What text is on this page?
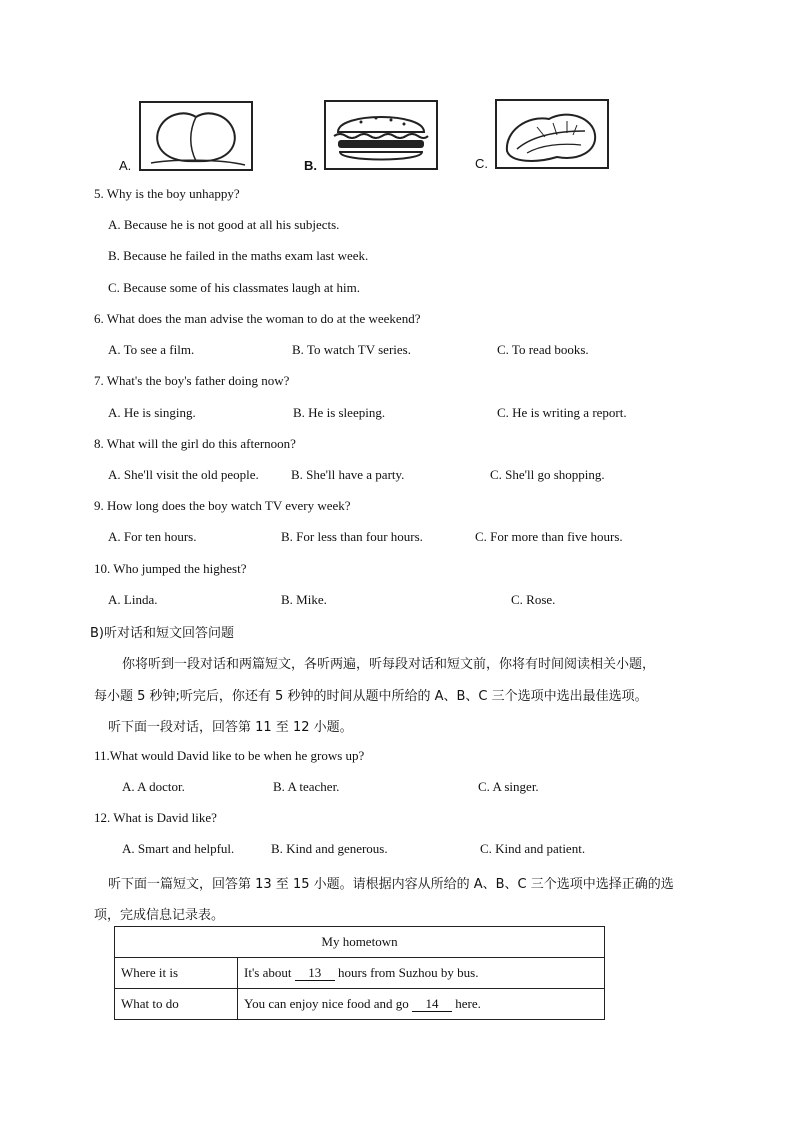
A.	B.	C.
5. Why is the boy unhappy?
A. Because he is not good at all his subjects.
B. Because he failed in the maths exam last week.
C. Because some of his classmates laugh at him.
6. What does the man advise the woman to do at the weekend?
A. To see a film.	B. To watch TV series.	C. To read books.
7. What's the boy's father doing now?
A. He is singing.	B. He is sleeping.	C. He is writing a report.
8. What will the girl do this afternoon?
A. She'll visit the old people. B. She'll have a party.	C. She'll go shopping.
9. How long does the boy watch TV every week?
A. For ten hours.	B. For less than four hours.	C. For more than five hours.
10. Who jumped the highest?
A. Linda.	B. Mike.	C. Rose.
B)听对话和短文回答问题
你将听到一段对话和两篇短文，各听两遍，听每段对话和短文前，你将有时间阅读相关小题，
每小题 5 秒钟;听完后，你还有 5 秒钟的时间从题中所给的 A、B、C 三个选项中选出最佳选项。
听下面一段对话，回答第 11 至 12 小题。
11.What would David like to be when he grows up?
A. A doctor.	B. A teacher.	C. A singer.
12. What is David like?
A. Smart and helpful.	B. Kind and generous.	C. Kind and patient.
听下面一篇短文，回答第 13 至 15 小题。请根据内容从所给的 A、B、C 三个选项中选择正确的选
项，完成信息记录表。
My hometown	
Where it is	It's about 13 hours from Suzhou by bus.
What to do	You can enjoy nice food and go 14 here.
